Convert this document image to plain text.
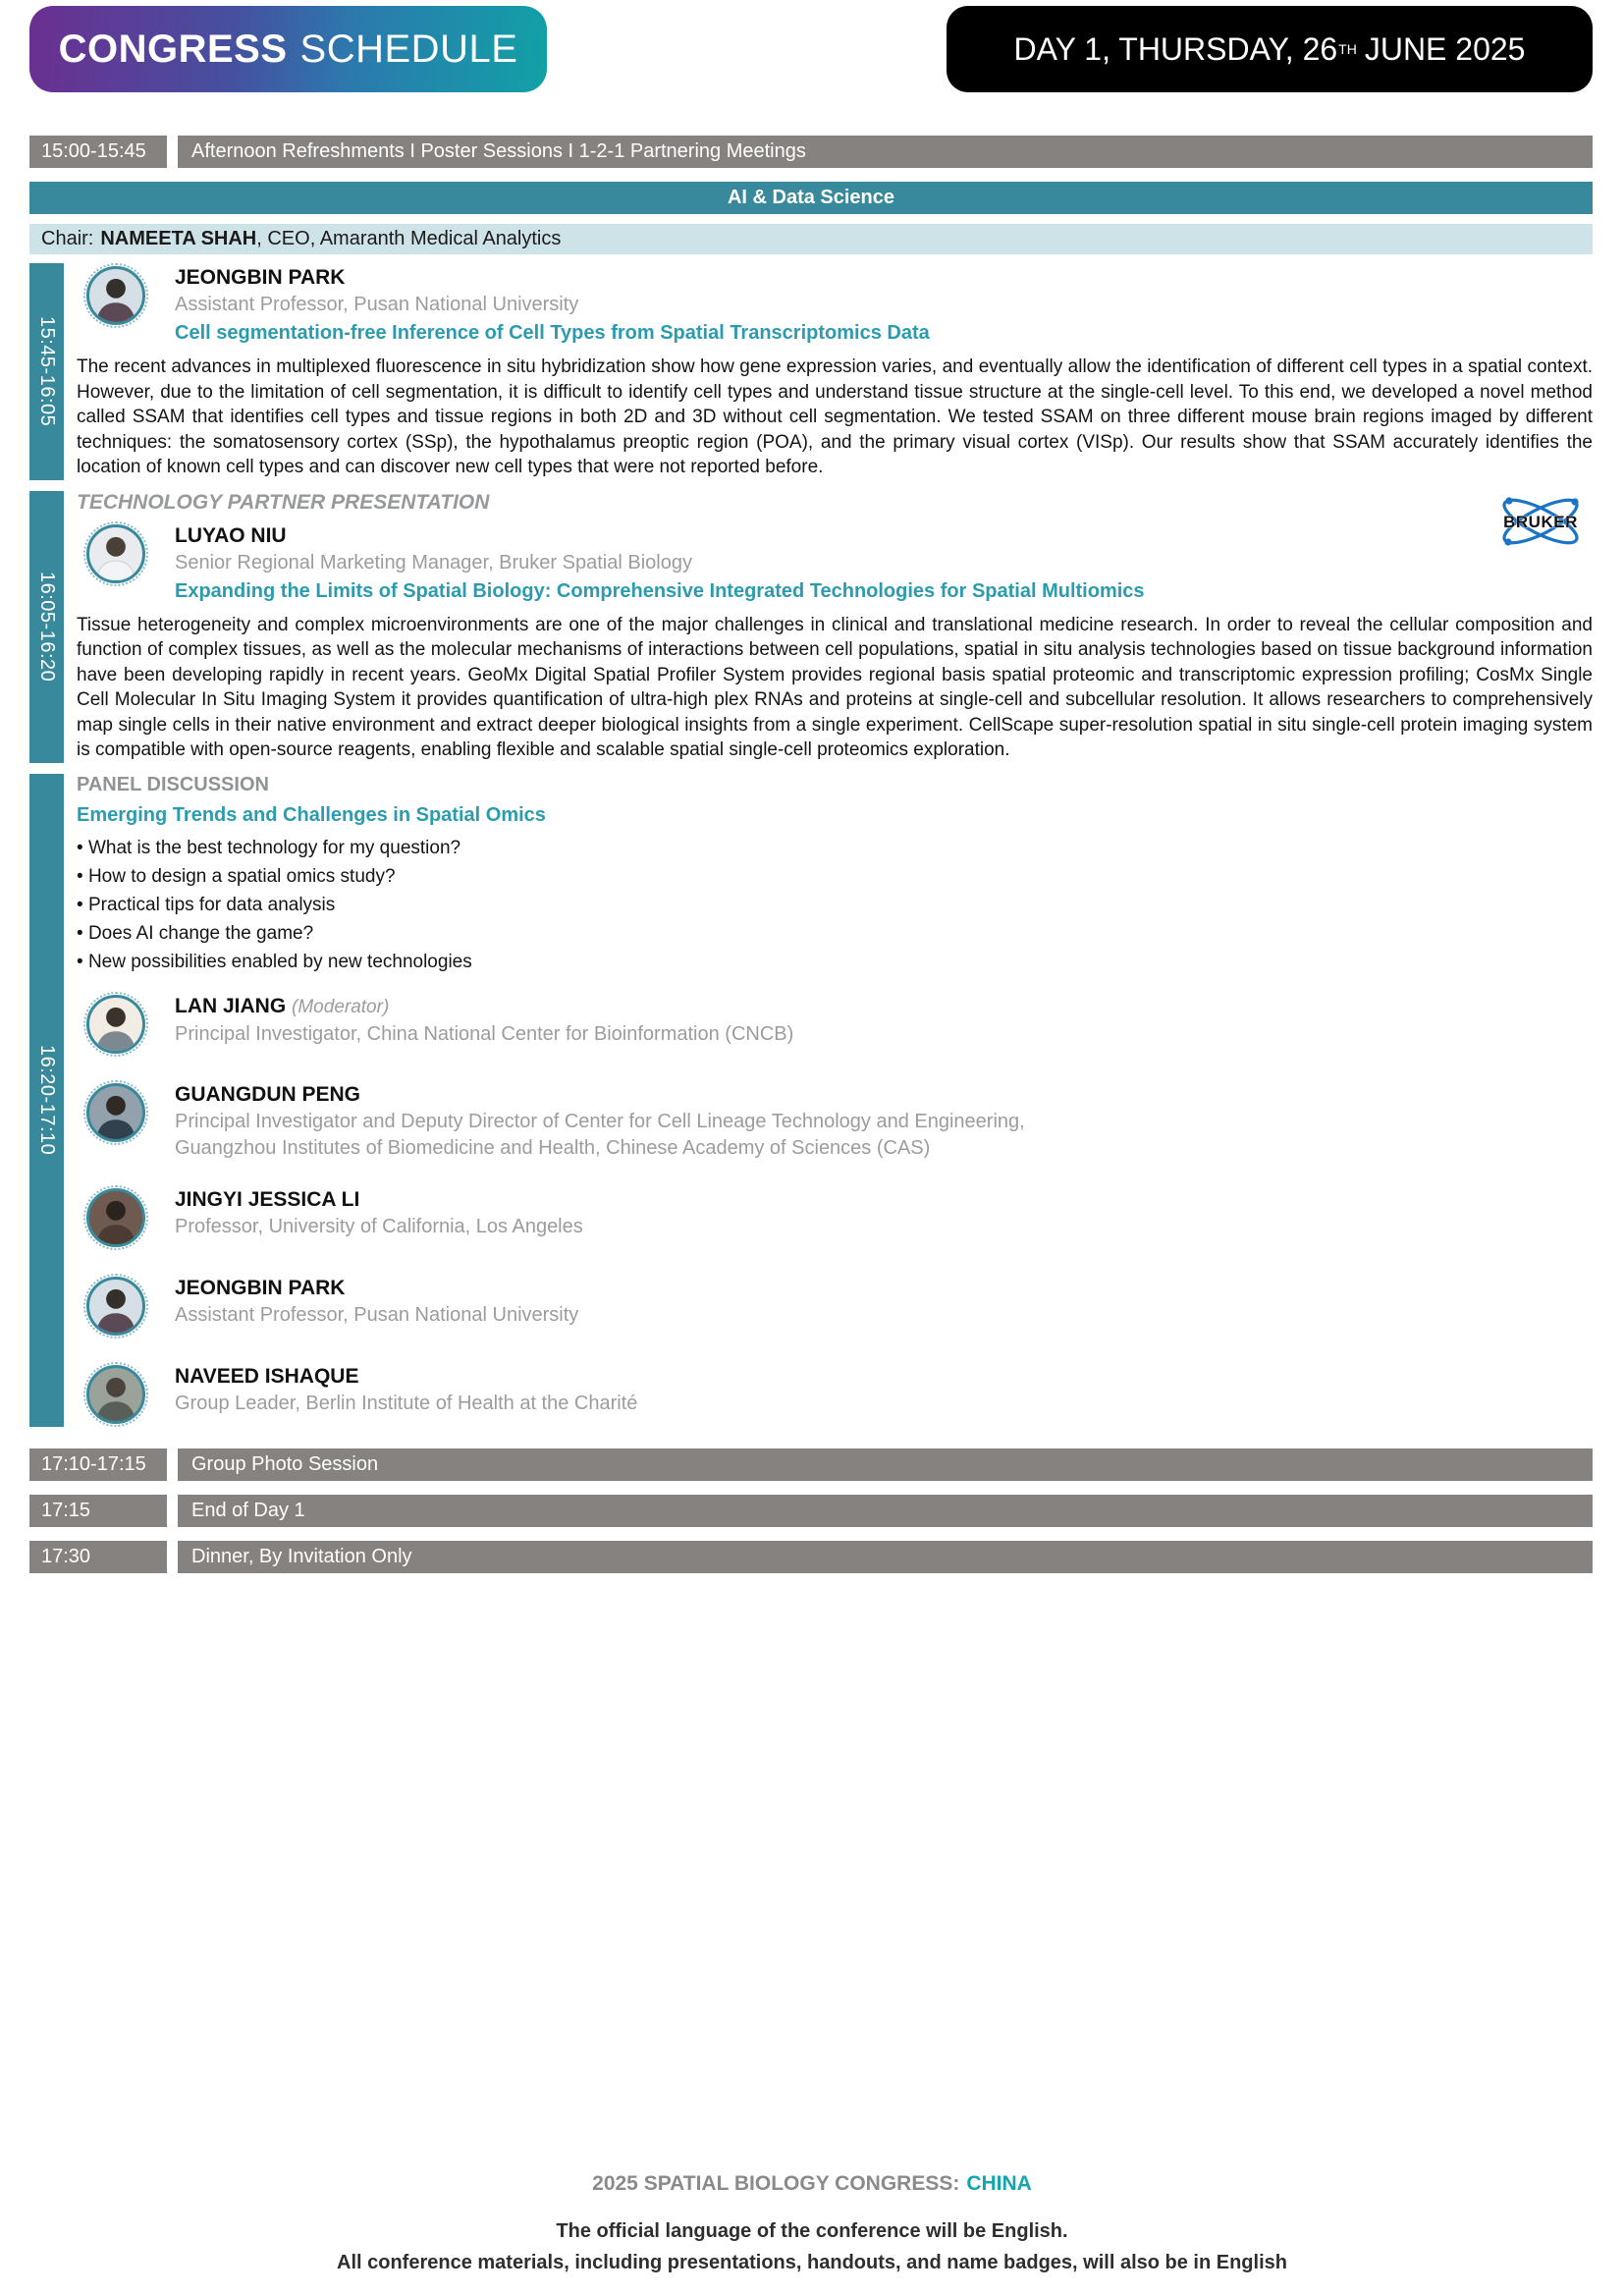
CONGRESS SCHEDULE	DAY 1, THURSDAY, 26 TH JUNE 2025
15:00-15:45	Afternoon Refreshments I Poster Sessions I 1-2-1 Partnering Meetings
AI & Data Science
Chair: NAMEETA SHAH , CEO, Amaranth Medical Analytics
15:45-16:05
JEONGBIN PARK
Assistant Professor, Pusan National University
Cell segmentation-free Inference of Cell Types from Spatial Transcriptomics Data
The recent advances in multiplexed fluorescence in situ hybridization show how gene expression varies, and eventually allow the identification of different cell types in a spatial context. However, due to the limitation of cell segmentation, it is difficult to identify cell types and understand tissue structure at the single-cell level. To this end, we developed a novel method called SSAM that identifies cell types and tissue regions in both 2D and 3D without cell segmentation. We tested SSAM on three different mouse brain regions imaged by different techniques: the somatosensory cortex (SSp), the hypothalamus preoptic region (POA), and the primary visual cortex (VISp). Our results show that SSAM accurately identifies the location of known cell types and can discover new cell types that were not reported before.
16:05-16:20
BRUKER
TECHNOLOGY PARTNER PRESENTATION
LUYAO NIU
Senior Regional Marketing Manager, Bruker Spatial Biology
Expanding the Limits of Spatial Biology: Comprehensive Integrated Technologies for Spatial Multiomics
Tissue heterogeneity and complex microenvironments are one of the major challenges in clinical and translational medicine research. In order to reveal the cellular composition and function of complex tissues, as well as the molecular mechanisms of interactions between cell populations, spatial in situ analysis technologies based on tissue background information have been developing rapidly in recent years. GeoMx Digital Spatial Profiler System provides regional basis spatial proteomic and transcriptomic expression profiling; CosMx Single Cell Molecular In Situ Imaging System it provides quantification of ultra-high plex RNAs and proteins at single-cell and subcellular resolution. It allows researchers to comprehensively map single cells in their native environment and extract deeper biological insights from a single experiment. CellScape super-resolution spatial in situ single-cell protein imaging system is compatible with open-source reagents, enabling flexible and scalable spatial single-cell proteomics exploration.
16:20-17:10
PANEL DISCUSSION
Emerging Trends and Challenges in Spatial Omics
• What is the best technology for my question?
• How to design a spatial omics study?
• Practical tips for data analysis
• Does AI change the game?
• New possibilities enabled by new technologies
LAN JIANG (Moderator)
Principal Investigator, China National Center for Bioinformation (CNCB)
GUANGDUN PENG
Principal Investigator and Deputy Director of Center for Cell Lineage Technology and Engineering,
Guangzhou Institutes of Biomedicine and Health, Chinese Academy of Sciences (CAS)
JINGYI JESSICA LI
Professor, University of California, Los Angeles
JEONGBIN PARK
Assistant Professor, Pusan National University
NAVEED ISHAQUE
Group Leader, Berlin Institute of Health at the Charité
17:10-17:15	Group Photo Session
17:15	End of Day 1
17:30	Dinner, By Invitation Only
2025 SPATIAL BIOLOGY CONGRESS: CHINA
The official language of the conference will be English.
All conference materials, including presentations, handouts, and name badges, will also be in English
